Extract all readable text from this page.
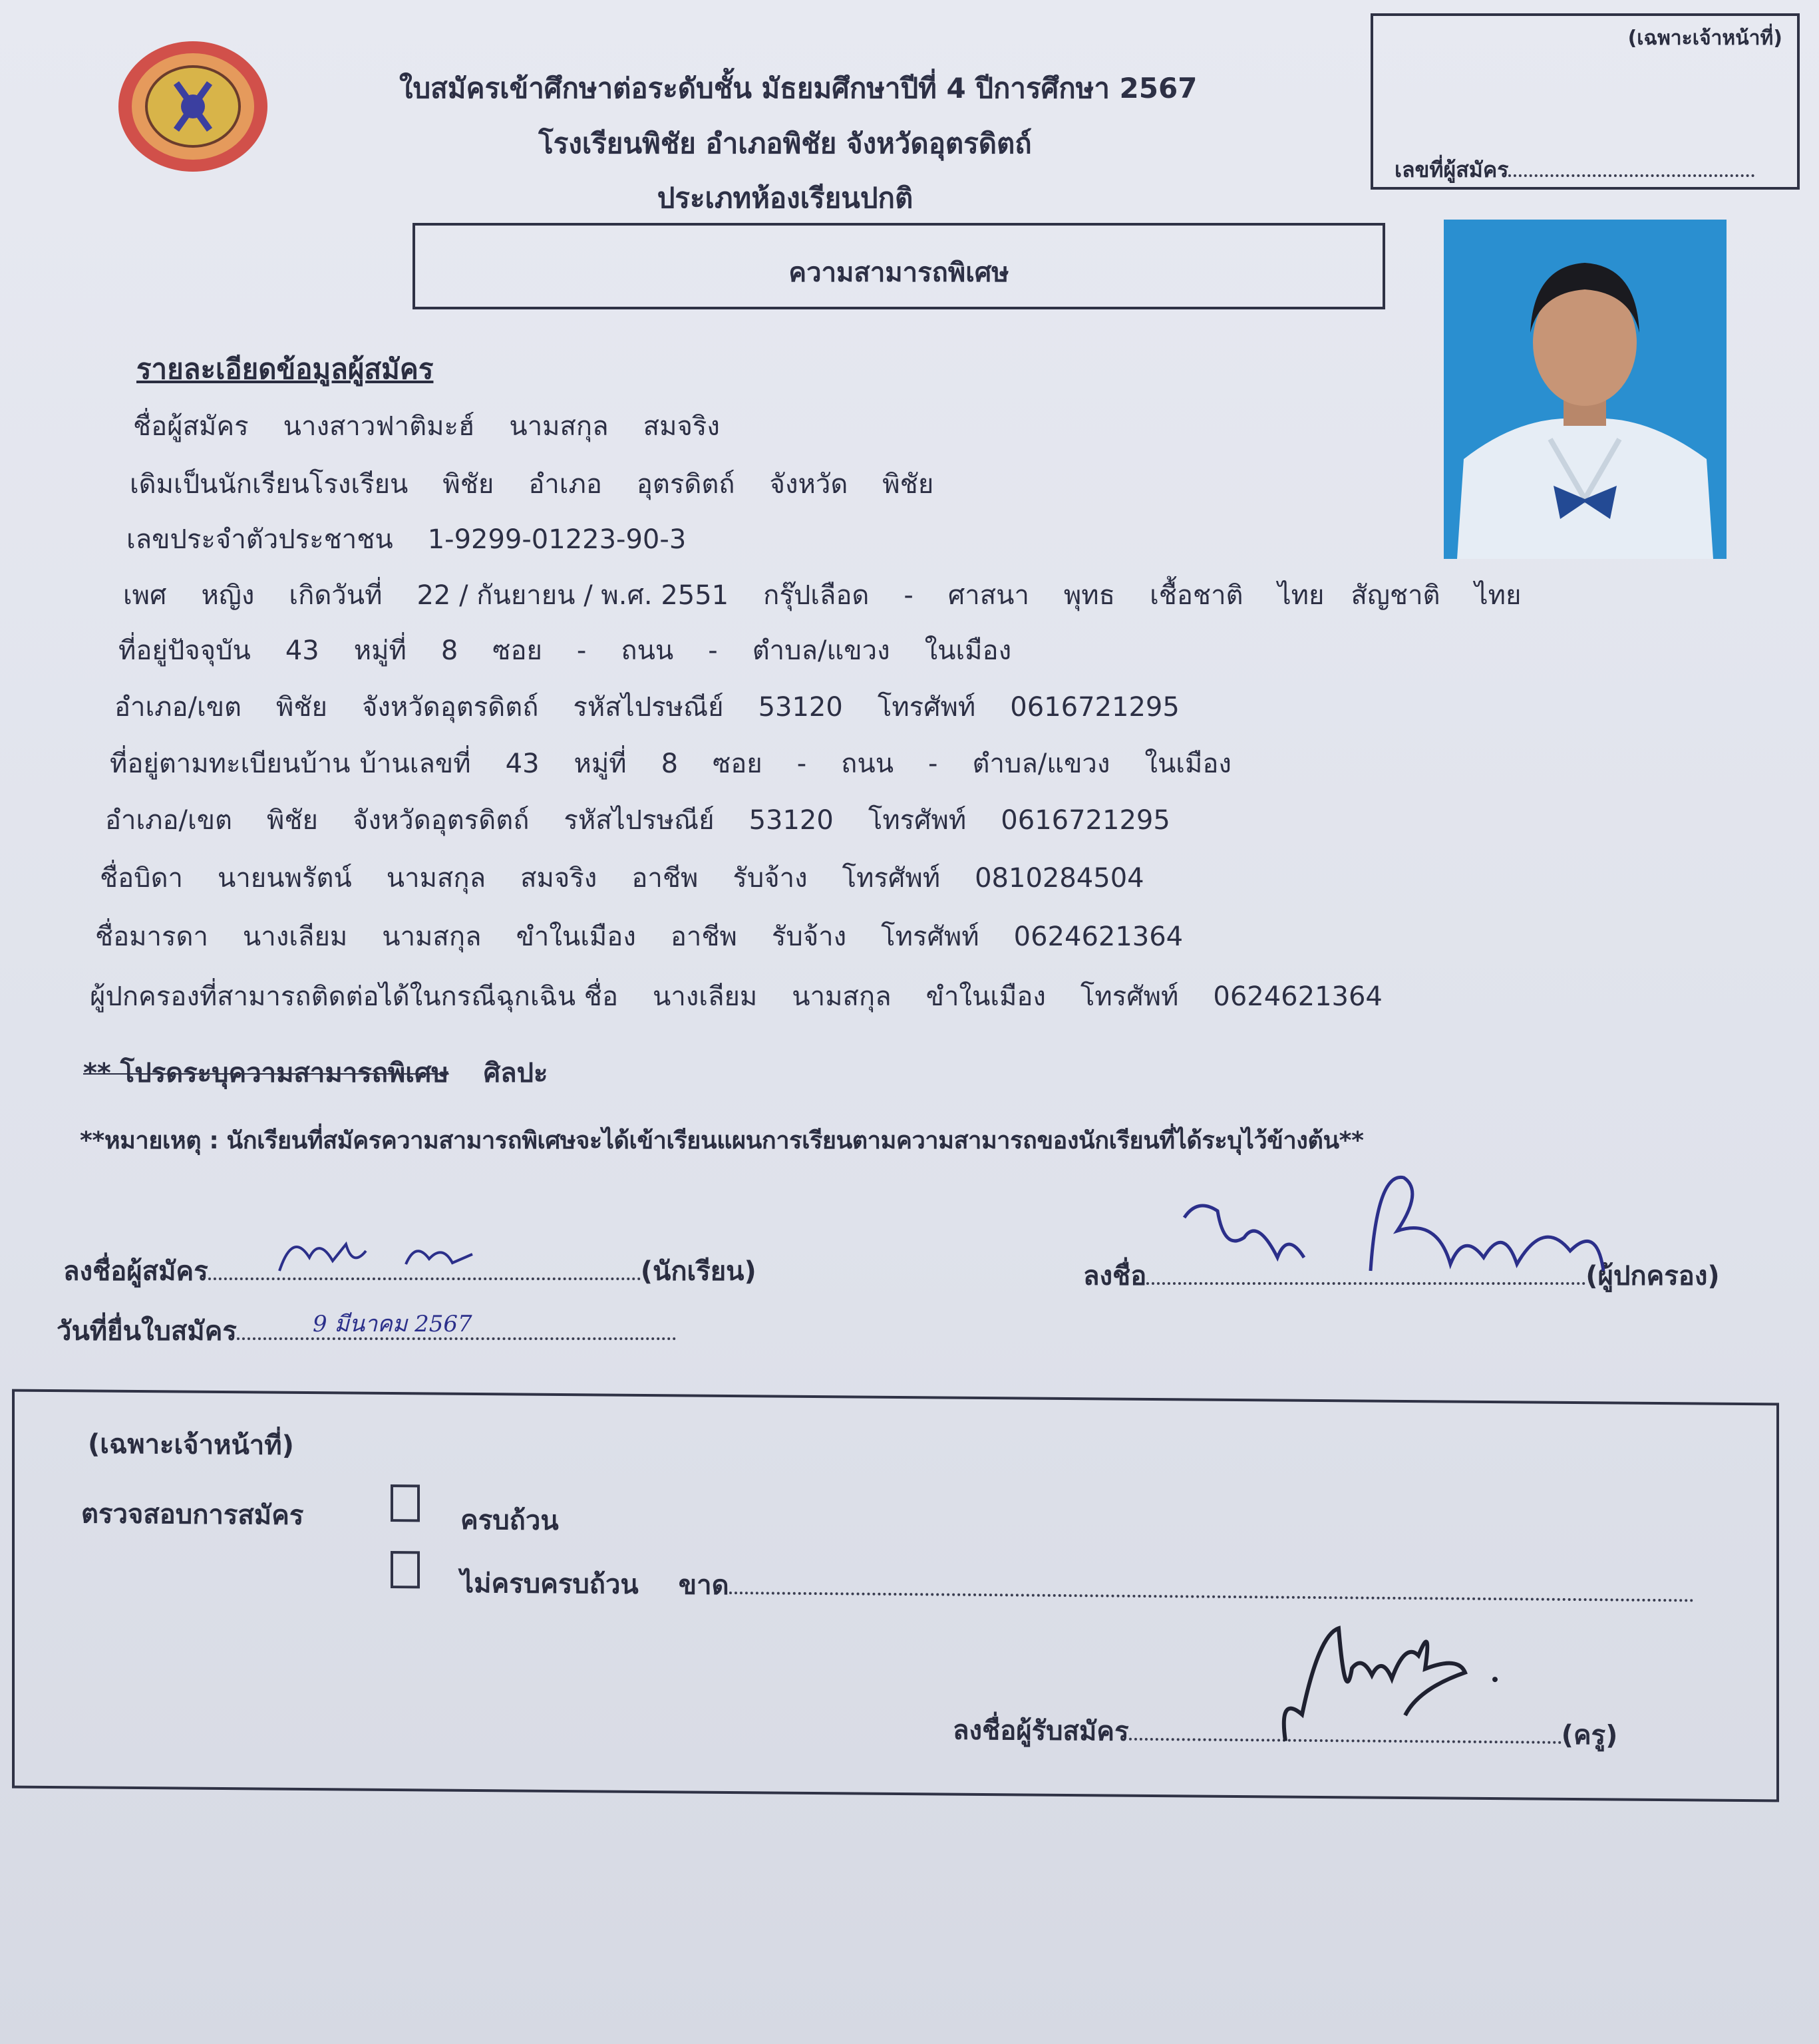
ใบสมัครเข้าศึกษาต่อระดับชั้น มัธยมศึกษาปีที่ 4 ปีการศึกษา 2567
โรงเรียนพิชัย อำเภอพิชัย จังหวัดอุตรดิตถ์
ประเภทห้องเรียนปกติ
(เฉพาะเจ้าหน้าที่)
เลขที่ผู้สมัคร
ความสามารถพิเศษ
รายละเอียดข้อมูลผู้สมัคร
ชื่อผู้สมัคร นางสาวฟาติมะฮ์ นามสกุล สมจริง
เดิมเป็นนักเรียนโรงเรียน พิชัย อำเภอ อุตรดิตถ์ จังหวัด พิชัย
เลขประจำตัวประชาชน 1-9299-01223-90-3
เพศ หญิง เกิดวันที่ 22 / กันยายน / พ.ศ. 2551 กรุ๊ปเลือด - ศาสนา พุทธ เชื้อชาติ ไทย สัญชาติ ไทย
ที่อยู่ปัจจุบัน 43 หมู่ที่ 8 ซอย - ถนน - ตำบล/แขวง ในเมือง
อำเภอ/เขต พิชัย จังหวัดอุตรดิตถ์ รหัสไปรษณีย์ 53120 โทรศัพท์ 0616721295
ที่อยู่ตามทะเบียนบ้าน บ้านเลขที่ 43 หมู่ที่ 8 ซอย - ถนน - ตำบล/แขวง ในเมือง
อำเภอ/เขต พิชัย จังหวัดอุตรดิตถ์ รหัสไปรษณีย์ 53120 โทรศัพท์ 0616721295
ชื่อบิดา นายนพรัตน์ นามสกุล สมจริง อาชีพ รับจ้าง โทรศัพท์ 0810284504
ชื่อมารดา นางเลียม นามสกุล ขำในเมือง อาชีพ รับจ้าง โทรศัพท์ 0624621364
ผู้ปกครองที่สามารถติดต่อได้ในกรณีฉุกเฉิน ชื่อ นางเลียม นามสกุล ขำในเมือง โทรศัพท์ 0624621364
** โปรดระบุความสามารถพิเศษ ศิลปะ
**หมายเหตุ : นักเรียนที่สมัครความสามารถพิเศษจะได้เข้าเรียนแผนการเรียนตามความสามารถของนักเรียนที่ได้ระบุไว้ข้างต้น**
ลงชื่อผู้สมัคร	(นักเรียน)	ลงชื่อ	(ผู้ปกครอง)
วันที่ยื่นใบสมัคร	9 มีนาคม 2567
(เฉพาะเจ้าหน้าที่)
ตรวจสอบการสมัคร	ครบถ้วน
ไม่ครบครบถ้วน ขาด
ลงชื่อผู้รับสมัคร	(ครู)
